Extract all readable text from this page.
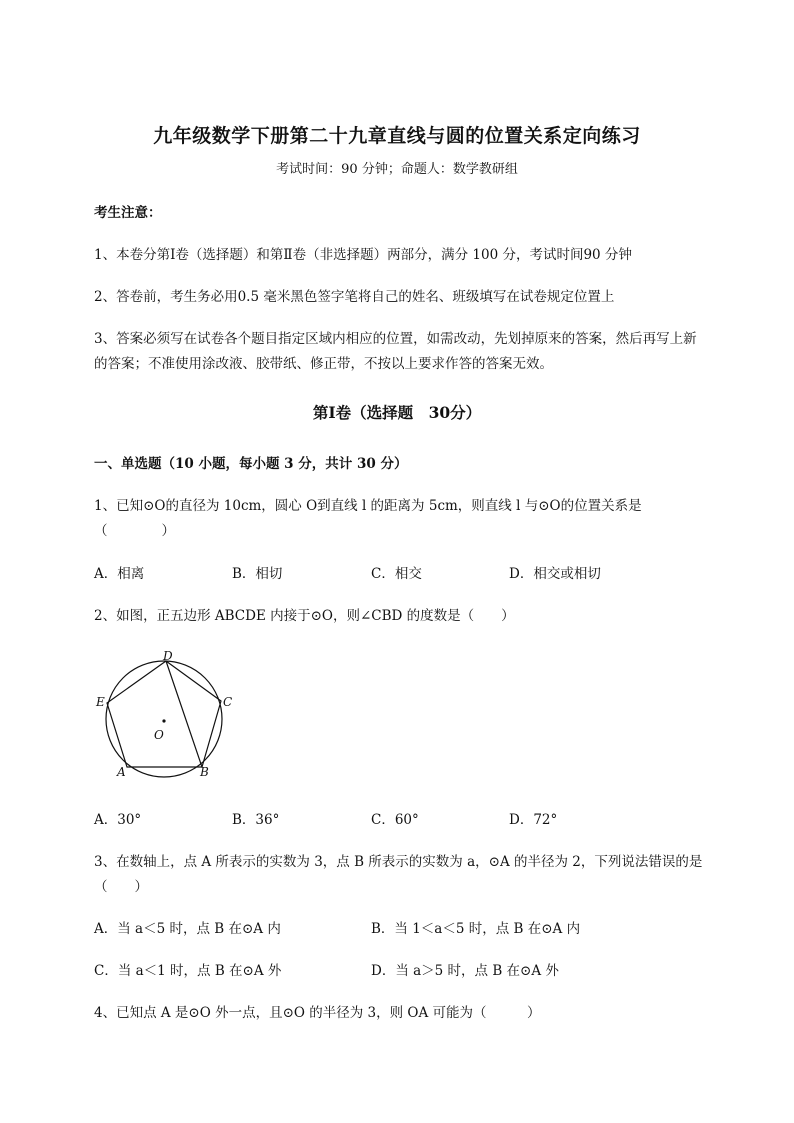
九年级数学下册第二十九章直线与圆的位置关系定向练习
考试时间：90 分钟；命题人：数学教研组
考生注意：
1、本卷分第Ⅰ卷（选择题）和第Ⅱ卷（非选择题）两部分，满分 100 分，考试时间90 分钟
2、答卷前，考生务必用0.5 毫米黑色签字笔将自己的姓名、班级填写在试卷规定位置上
3、答案必须写在试卷各个题目指定区域内相应的位置，如需改动，先划掉原来的答案，然后再写上新
的答案；不准使用涂改液、胶带纸、修正带，不按以上要求作答的答案无效。
第Ⅰ卷（选择题　30分）
一、单选题（10 小题，每小题 3 分，共计 30 分）
1、已知⊙O的直径为 10cm，圆心 O到直线 l 的距离为 5cm，则直线 l 与⊙O的位置关系是
（　　　　）
A．相离	B．相切	C．相交	D．相交或相切
2、如图，正五边形 ABCDE 内接于⊙O，则∠CBD 的度数是（　　）
D
E	C
O
A	B
A．30°	B．36°	C．60°	D．72°
3、在数轴上，点 A 所表示的实数为 3，点 B 所表示的实数为 a，⊙A 的半径为 2，下列说法错误的是
（　　）
A．当 a＜5 时，点 B 在⊙A 内	B．当 1＜a＜5 时，点 B 在⊙A 内
C．当 a＜1 时，点 B 在⊙A 外	D．当 a＞5 时，点 B 在⊙A 外
4、已知点 A 是⊙O 外一点，且⊙O 的半径为 3，则 OA 可能为（　　　）
